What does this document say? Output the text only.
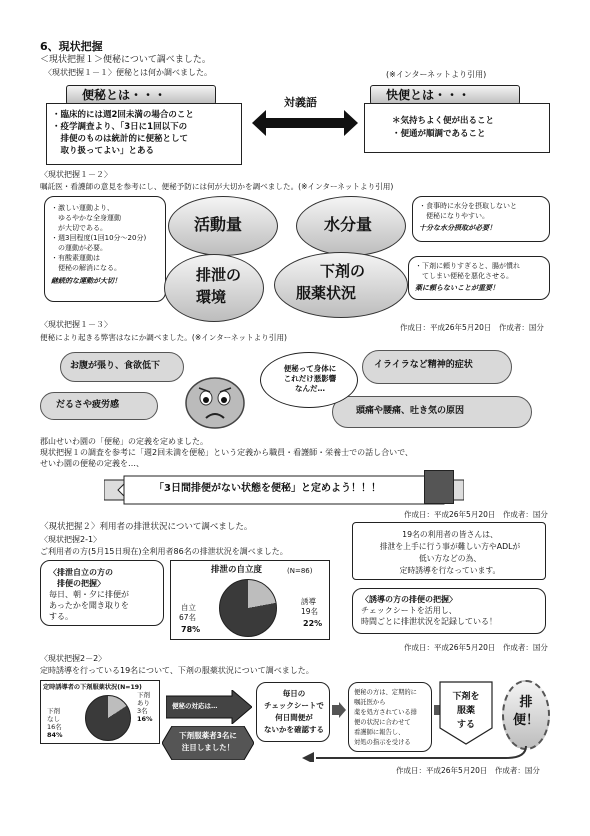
6、現状把握
＜現状把握１＞便秘について調べました。
〈現状把握１－１〉便秘とは何か調べました。	(※インターネットより引用)
便秘とは・・・
・臨床的には週2回未満の場合のこと
・疫学調査より、「3日に1回以下の
　排便のものは統計的に便秘として
　取り扱ってよい」とある
対義語
快便とは・・・
＊気持ちよく便が出ること
・便通が順調であること
〈現状把握１－２〉
嘱託医・看護師の意見を参考にし、便秘予防には何が大切かを調べました。(※インターネットより引用)
・激しい運動より、
　ゆるやかな全身運動
　が大切である。
・週3回程度(1回10分～20分)
　の運動が必要。
・有酸素運動は
　便秘の解消になる。
継続的な運動が大切！
活動量	水分量
排泄の
環境
下剤の
服薬状況
・食事時に水分を摂取しないと
　便秘になりやすい。
十分な水分摂取が必要！
・下剤に頼りすぎると、腸が慣れ
　てしまい便秘を悪化させる。
薬に頼らないことが重要！
作成日：平成26年5月20日　作成者：国分
〈現状把握１－３〉
便秘により起きる弊害はなにか調べました。(※インターネットより引用)
お腹が張り、食欲低下	イライラなど精神的症状
だるさや疲労感
頭痛や腰痛、吐き気の原因
便秘って身体に
これだけ悪影響
なんだ…
郡山せいわ園の「便秘」の定義を定めました。
現状把握１の調査を参考に「週2回未満を便秘」という定義から職員・看護師・栄養士での話し合いで、
せいわ園の便秘の定義を…、
「3日間排便がない状態を便秘」と定めよう！！！
作成日：平成26年5月20日　作成者：国分
〈現状把握２〉利用者の排泄状況について調べました。
〈現状把握2-1〉
ご利用者の方(5月15日現在)全利用者86名の排泄状況を調べました。
19名の利用者の皆さんは、
排泄を上手に行う事が難しい方やADLが
低い方などの為、
定時誘導を行なっています。
〈排泄自立の方の
　排便の把握〉
毎日、朝・夕に排便が
あったかを聞き取りを
する。
排泄の自立度	(N=86)
自立
67名
78%
誘導
19名
22%
〈誘導の方の排便の把握〉
チェックシートを活用し、
時間ごとに排泄状況を記録している！
作成日：平成26年5月20日　作成者：国分
〈現状把握2－2〉
定時誘導を行っている19名について、下剤の服薬状況について調べました。
定時誘導者の下剤服薬状況(N=19)
下剤
あり
3名
16%
下剤
なし
16名
84%
便秘の対応は…
下剤服薬者3名に
注目しました！
毎日の
チェックシートで
何日間便が
ないかを確認する
便秘の方は、定期的に
嘱託医から
薬を処方されている排
便の状況に合わせて
看護師に報告し、
対処の指示を受ける
下剤を
服薬
する
排
便！
作成日：平成26年5月20日　作成者：国分
